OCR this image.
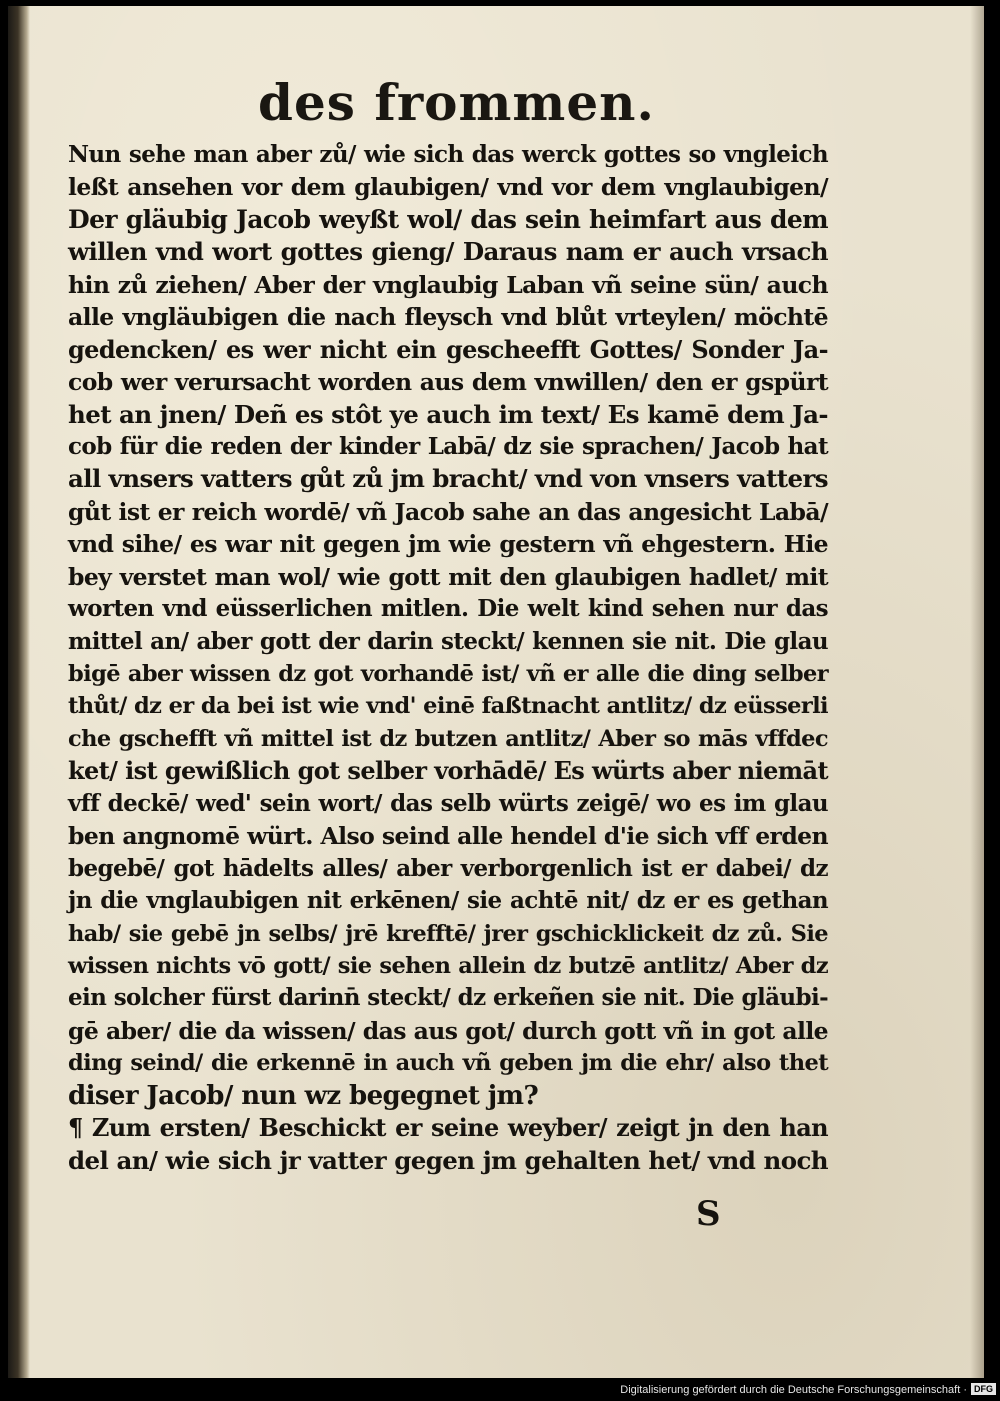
des frommen.
Nun sehe man aber zů/ wie sich das werck gottes so vngleich
leßt ansehen vor dem glaubigen/ vnd vor dem vnglaubigen/
Der gläubig Jacob weyßt wol/ das sein heimfart aus dem
willen vnd wort gottes gieng/ Daraus nam er auch vrsach
hin zů ziehen/ Aber der vnglaubig Laban vñ seine sün/ auch
alle vngläubigen die nach fleysch vnd blůt vrteylen/ möchtē
gedencken/ es wer nicht ein gescheefft Gottes/ Sonder Ja-
cob wer verursacht worden aus dem vnwillen/ den er gspürt
het an jnen/ Deñ es stôt ye auch im text/ Es kamē dem Ja-
cob für die reden der kinder Labā/ dz sie sprachen/ Jacob hat
all vnsers vatters gůt zů jm bracht/ vnd von vnsers vatters
gůt ist er reich wordē/ vñ Jacob sahe an das angesicht Labā/
vnd sihe/ es war nit gegen jm wie gestern vñ ehgestern. Hie
bey verstet man wol/ wie gott mit den glaubigen hadlet/ mit
worten vnd eüsserlichen mitlen. Die welt kind sehen nur das
mittel an/ aber gott der darin steckt/ kennen sie nit. Die glau
bigē aber wissen dz got vorhandē ist/ vñ er alle die ding selber
thůt/ dz er da bei ist wie vnd' einē faßtnacht antlitz/ dz eüsserli
che gschefft vñ mittel ist dz butzen antlitz/ Aber so mās vffdec
ket/ ist gewißlich got selber vorhādē/ Es würts aber niemāt
vff deckē/ wed' sein wort/ das selb würts zeigē/ wo es im glau
ben angnomē würt. Also seind alle hendel d'ie sich vff erden
begebē/ got hādelts alles/ aber verborgenlich ist er dabei/ dz
jn die vnglaubigen nit erkēnen/ sie achtē nit/ dz er es gethan
hab/ sie gebē jn selbs/ jrē krefftē/ jrer gschicklickeit dz zů. Sie
wissen nichts vō gott/ sie sehen allein dz butzē antlitz/ Aber dz
ein solcher fürst darinn̄ steckt/ dz erkeñen sie nit. Die gläubi-
gē aber/ die da wissen/ das aus got/ durch gott vñ in got alle
ding seind/ die erkennē in auch vñ geben jm die ehr/ also thet
diser Jacob/ nun wz begegnet jm?
¶ Zum ersten/ Beschickt er seine weyber/ zeigt jn den han
del an/ wie sich jr vatter gegen jm gehalten het/ vnd noch
S
Digitalisierung gefördert durch die Deutsche Forschungsgemeinschaft · DFG
